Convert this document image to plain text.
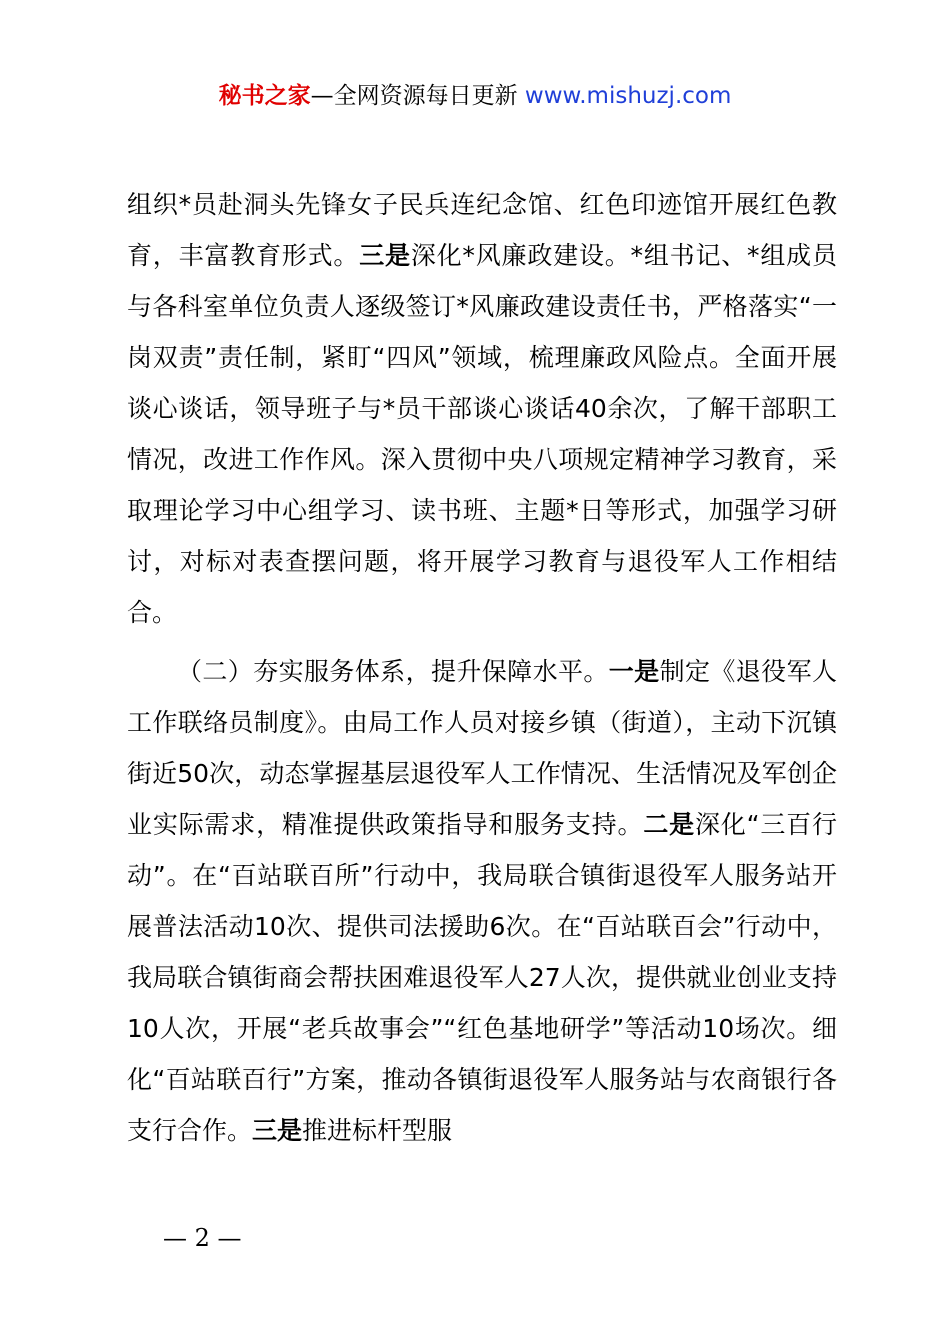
秘书之家—全网资源每日更新 www.mishuzj.com

组织*员赴洞头先锋女子民兵连纪念馆、红色印迹馆开展红色教育，丰富教育形式。三是深化*风廉政建设。*组书记、*组成员与各科室单位负责人逐级签订*风廉政建设责任书，严格落实“一岗双责”责任制，紧盯“四风”领域，梳理廉政风险点。全面开展谈心谈话，领导班子与*员干部谈心谈话40余次，了解干部职工情况，改进工作作风。深入贯彻中央八项规定精神学习教育，采取理论学习中心组学习、读书班、主题*日等形式，加强学习研讨，对标对表查摆问题，将开展学习教育与退役军人工作相结合。

（二）夯实服务体系，提升保障水平。一是制定《退役军人工作联络员制度》。由局工作人员对接乡镇（街道），主动下沉镇街近50次，动态掌握基层退役军人工作情况、生活情况及军创企业实际需求，精准提供政策指导和服务支持。二是深化“三百行动”。在“百站联百所”行动中，我局联合镇街退役军人服务站开展普法活动10次、提供司法援助6次。在“百站联百会”行动中，我局联合镇街商会帮扶困难退役军人27人次，提供就业创业支持10人次，开展“老兵故事会”“红色基地研学”等活动10场次。细化“百站联百行”方案，推动各镇街退役军人服务站与农商银行各支行合作。三是推进标杆型服

— 2 —
